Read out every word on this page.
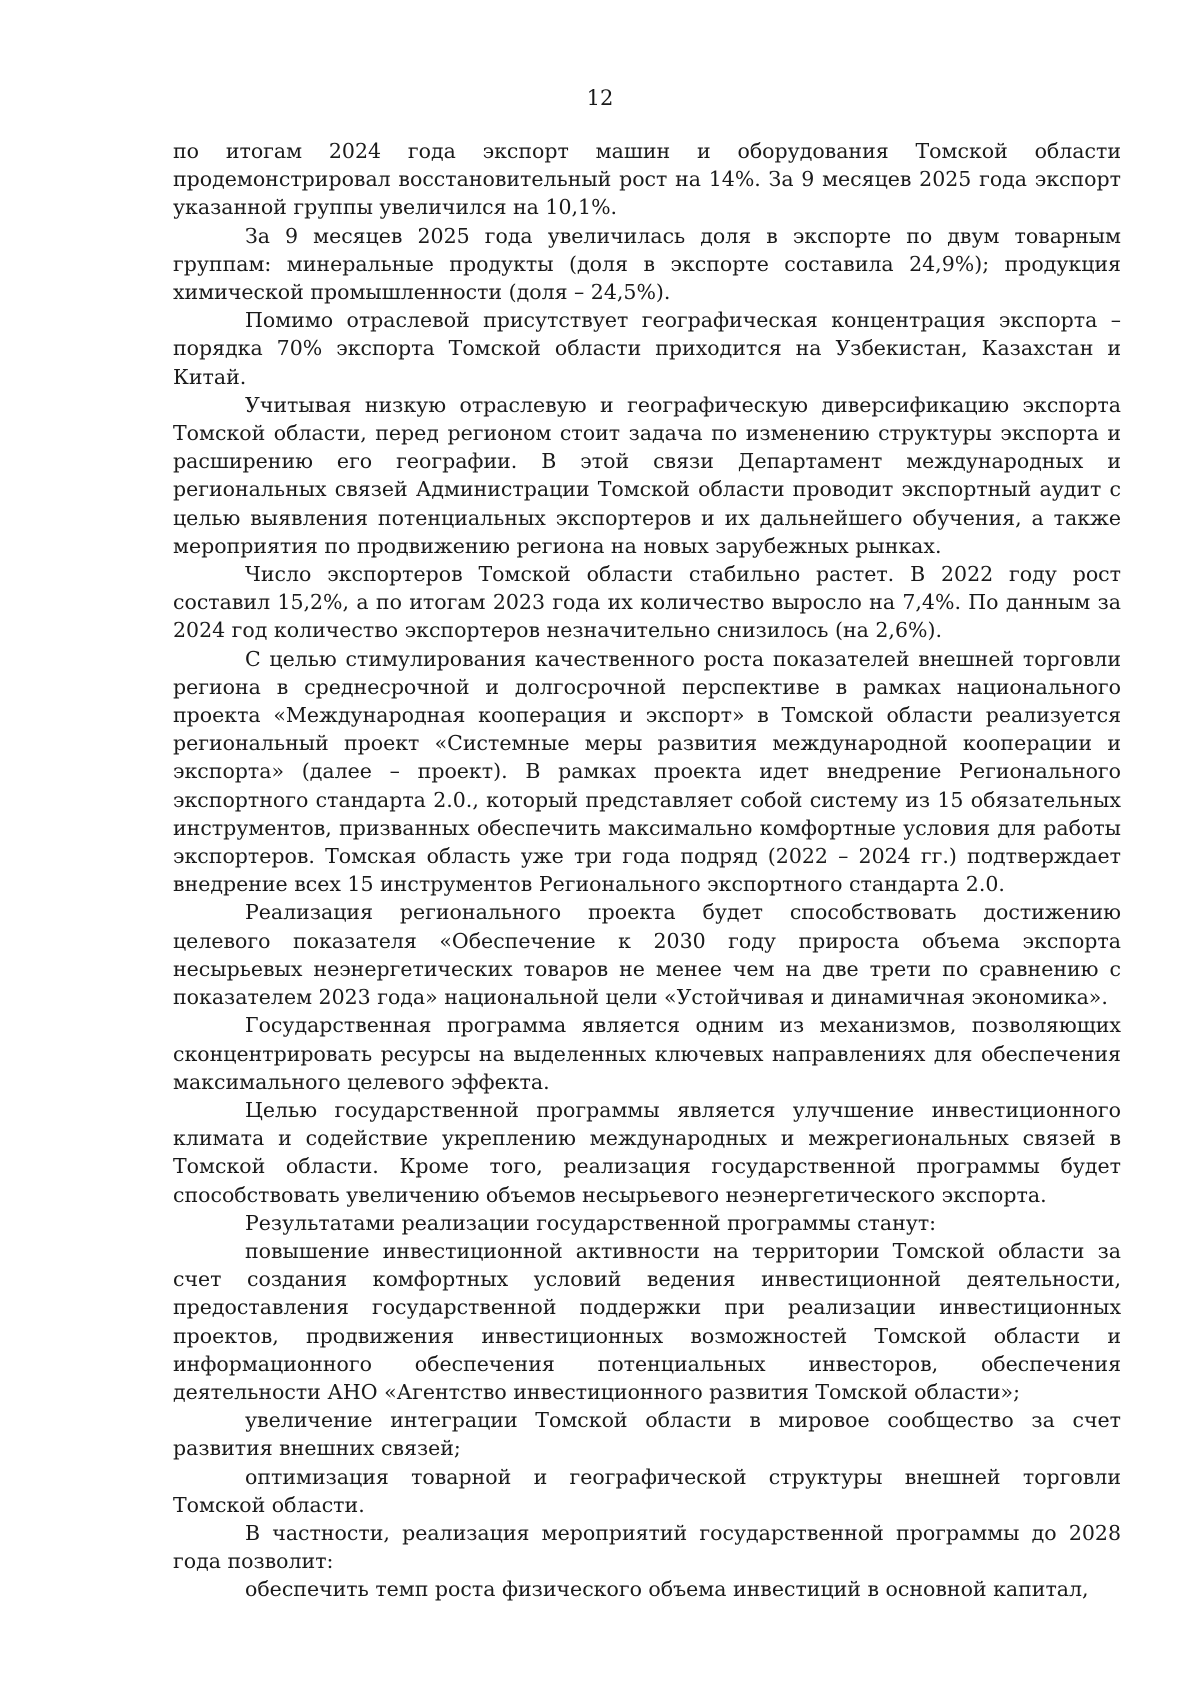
12

по итогам 2024 года экспорт машин и оборудования Томской области продемонстрировал восстановительный рост на 14%. За 9 месяцев 2025 года экспорт указанной группы увеличился на 10,1%.

За 9 месяцев 2025 года увеличилась доля в экспорте по двум товарным группам: минеральные продукты (доля в экспорте составила 24,9%); продукция химической промышленности (доля – 24,5%).

Помимо отраслевой присутствует географическая концентрация экспорта – порядка 70% экспорта Томской области приходится на Узбекистан, Казахстан и Китай.

Учитывая низкую отраслевую и географическую диверсификацию экспорта Томской области, перед регионом стоит задача по изменению структуры экспорта и расширению его географии. В этой связи Департамент международных и региональных связей Администрации Томской области проводит экспортный аудит с целью выявления потенциальных экспортеров и их дальнейшего обучения, а также мероприятия по продвижению региона на новых зарубежных рынках.

Число экспортеров Томской области стабильно растет. В 2022 году рост составил 15,2%, а по итогам 2023 года их количество выросло на 7,4%. По данным за 2024 год количество экспортеров незначительно снизилось (на 2,6%).

С целью стимулирования качественного роста показателей внешней торговли региона в среднесрочной и долгосрочной перспективе в рамках национального проекта «Международная кооперация и экспорт» в Томской области реализуется региональный проект «Системные меры развития международной кооперации и экспорта» (далее – проект). В рамках проекта идет внедрение Регионального экспортного стандарта 2.0., который представляет собой систему из 15 обязательных инструментов, призванных обеспечить максимально комфортные условия для работы экспортеров. Томская область уже три года подряд (2022 – 2024 гг.) подтверждает внедрение всех 15 инструментов Регионального экспортного стандарта 2.0.

Реализация регионального проекта будет способствовать достижению целевого показателя «Обеспечение к 2030 году прироста объема экспорта несырьевых неэнергетических товаров не менее чем на две трети по сравнению с показателем 2023 года» национальной цели «Устойчивая и динамичная экономика».

Государственная программа является одним из механизмов, позволяющих сконцентрировать ресурсы на выделенных ключевых направлениях для обеспечения максимального целевого эффекта.

Целью государственной программы является улучшение инвестиционного климата и содействие укреплению международных и межрегиональных связей в Томской области. Кроме того, реализация государственной программы будет способствовать увеличению объемов несырьевого неэнергетического экспорта.

Результатами реализации государственной программы станут:

повышение инвестиционной активности на территории Томской области за счет создания комфортных условий ведения инвестиционной деятельности, предоставления государственной поддержки при реализации инвестиционных проектов, продвижения инвестиционных возможностей Томской области и информационного обеспечения потенциальных инвесторов, обеспечения деятельности АНО «Агентство инвестиционного развития Томской области»;

увеличение интеграции Томской области в мировое сообщество за счет развития внешних связей;

оптимизация товарной и географической структуры внешней торговли Томской области.

В частности, реализация мероприятий государственной программы до 2028 года позволит:

обеспечить темп роста физического объема инвестиций в основной капитал,
